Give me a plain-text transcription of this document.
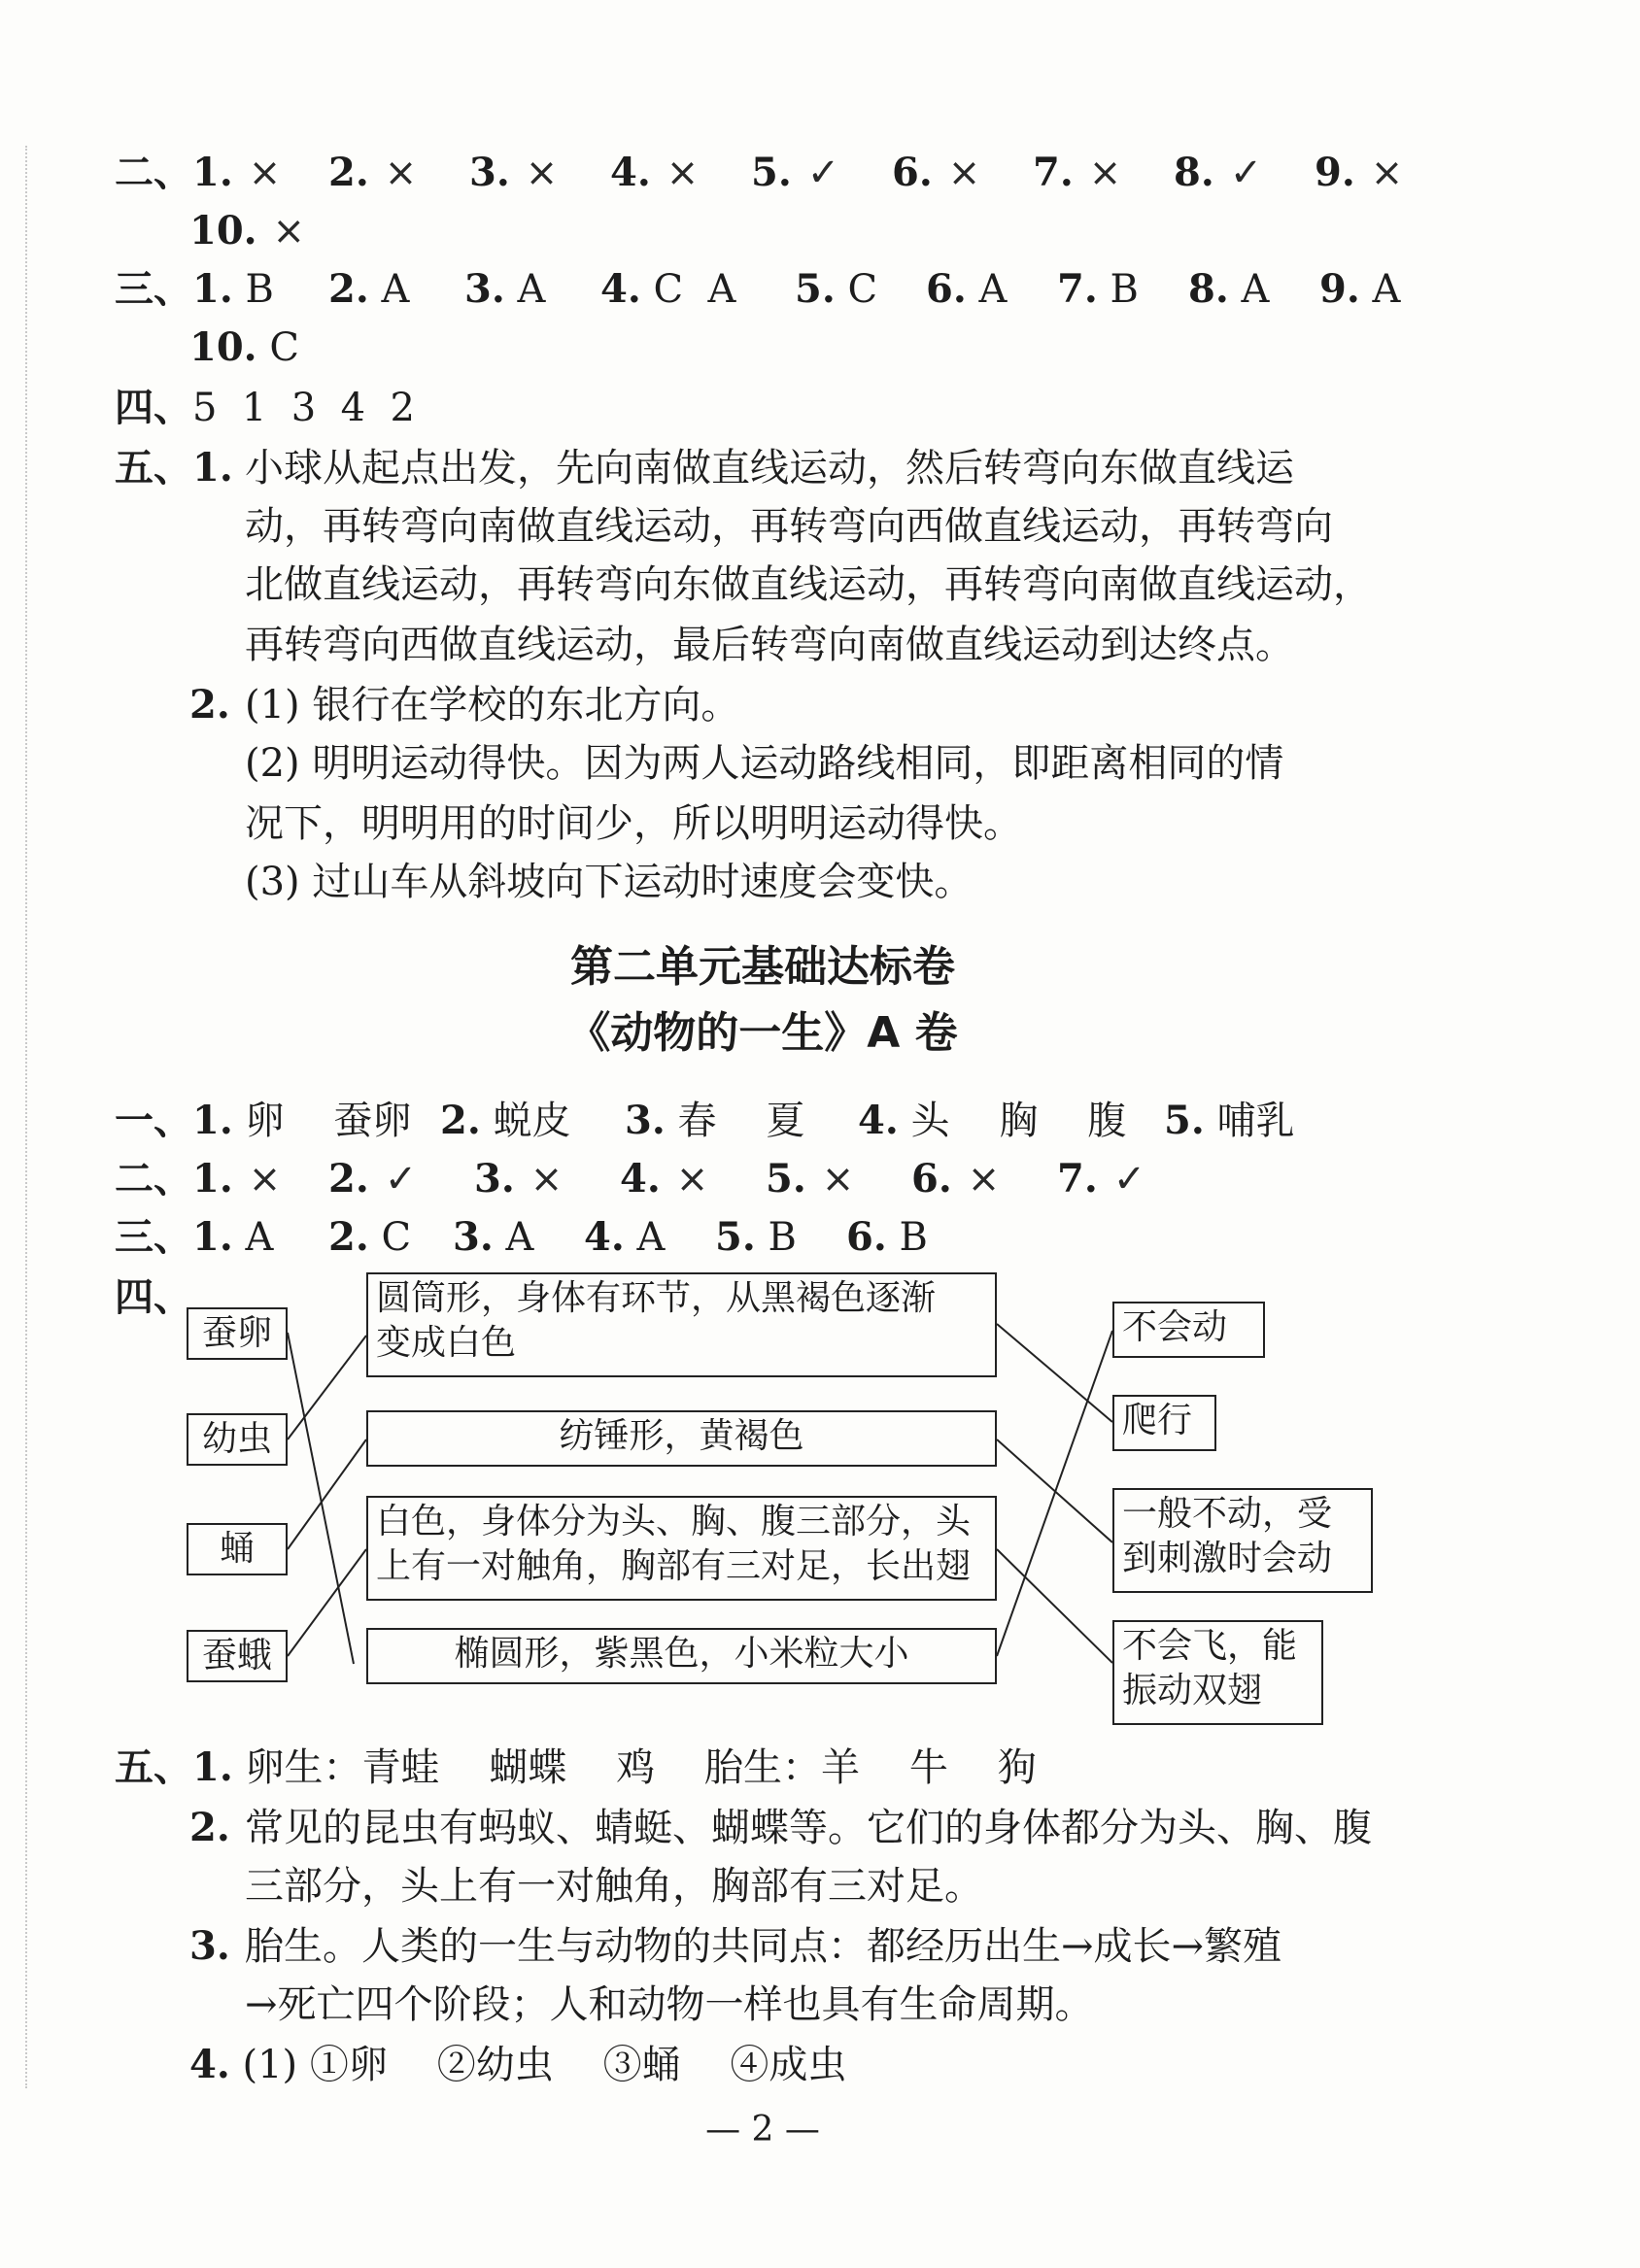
二、1. × 2. × 3. × 4. × 5. ✓ 6. × 7. × 8. ✓ 9. ×
10. ×
三、1. B 2. A 3. A 4. C  A 5. C 6. A 7. B 8. A 9. A
10. C
四、5  1  3  4  2
五、1. 小球从起点出发，先向南做直线运动，然后转弯向东做直线运
动，再转弯向南做直线运动，再转弯向西做直线运动，再转弯向
北做直线运动，再转弯向东做直线运动，再转弯向南做直线运动，
再转弯向西做直线运动，最后转弯向南做直线运动到达终点。
2. (1) 银行在学校的东北方向。
(2) 明明运动得快。因为两人运动路线相同，即距离相同的情
况下，明明用的时间少，所以明明运动得快。
(3) 过山车从斜坡向下运动时速度会变快。
第二单元基础达标卷
《动物的一生》A 卷
一、1. 卵    蚕卵 2. 蜕皮 3. 春    夏 4. 头    胸    腹 5. 哺乳
二、1. × 2. ✓ 3. × 4. × 5. × 6. × 7. ✓
三、1. A 2. C 3. A 4. A 5. B 6. B
四、
蚕卵
幼虫
蛹
蚕蛾
圆筒形，身体有环节，从黑褐色逐渐
变成白色
纺锤形，黄褐色
白色，身体分为头、胸、腹三部分，头
上有一对触角，胸部有三对足，长出翅
椭圆形，紫黑色，小米粒大小
不会动
爬行
一般不动，受
到刺激时会动
不会飞，能
振动双翅
五、1. 卵生：青蛙    蝴蝶    鸡    胎生：羊    牛    狗
2. 常见的昆虫有蚂蚁、蜻蜓、蝴蝶等。它们的身体都分为头、胸、腹
三部分，头上有一对触角，胸部有三对足。
3. 胎生。人类的一生与动物的共同点：都经历出生→成长→繁殖
→死亡四个阶段；人和动物一样也具有生命周期。
4. (1) ①卵    ②幼虫    ③蛹    ④成虫
— 2 —
